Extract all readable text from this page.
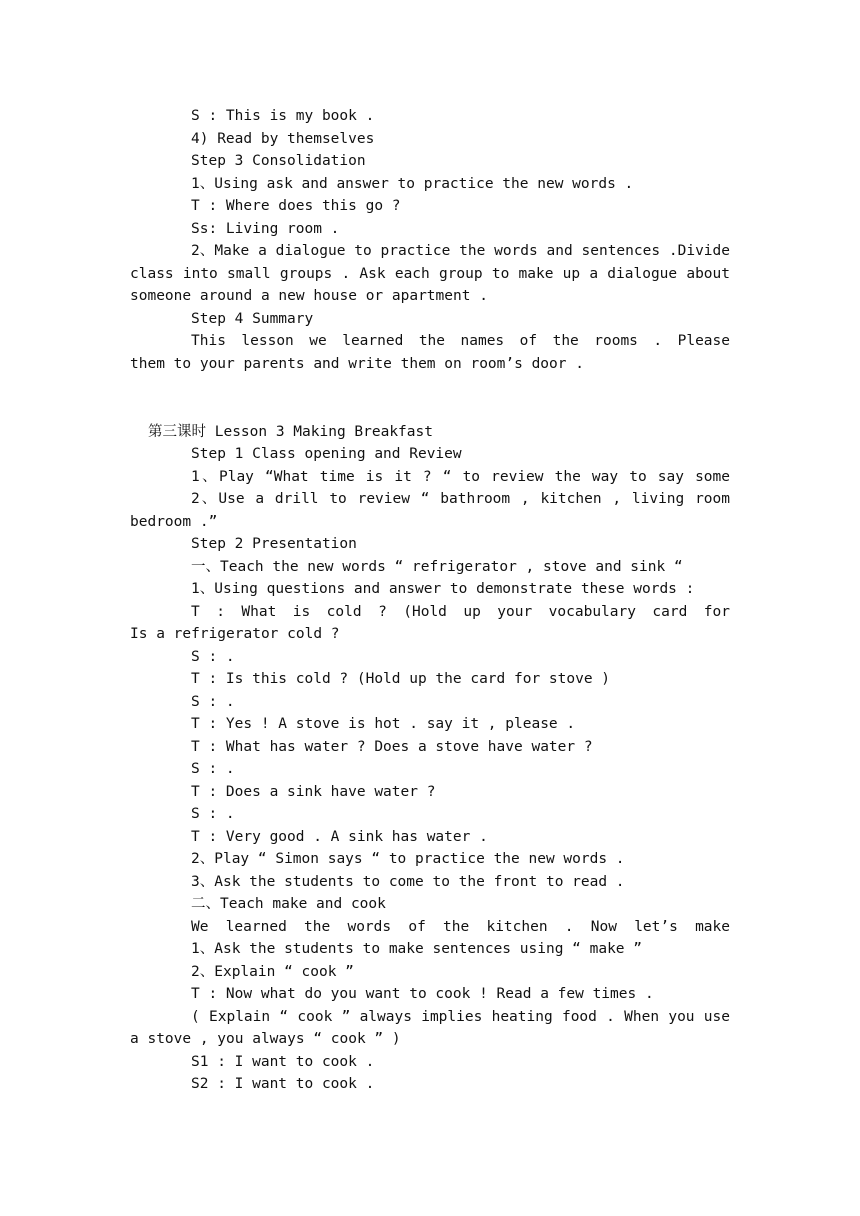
S : This is my book .
4) Read by themselves
Step 3 Consolidation
1、Using ask and answer to practice the new words .
T : Where does this go ?
Ss: Living room .
2、Make a dialogue to practice the words and sentences .Divide
class into small groups . Ask each group to make up a dialogue about
someone around a new house or apartment .
Step 4 Summary
This lesson we learned the names of the rooms . Please
them to your parents and write them on room’s door .
第三课时 Lesson 3 Making Breakfast
Step 1 Class opening and Review
1、Play “What time is it ? “ to review the way to say some
2、Use a drill to review “ bathroom , kitchen , living room
bedroom .”
Step 2 Presentation
一、Teach the new words “ refrigerator , stove and sink “
1、Using questions and answer to demonstrate these words :
T : What is cold ? (Hold up your vocabulary card for
Is a refrigerator cold ?
S : .
T : Is this cold ? (Hold up the card for stove )
S : .
T : Yes ! A stove is hot . say it , please .
T : What has water ? Does a stove have water ?
S : .
T : Does a sink have water ?
S : .
T : Very good . A sink has water .
2、Play “ Simon says “ to practice the new words .
3、Ask the students to come to the front to read .
二、Teach make and cook
We learned the words of the kitchen . Now let’s make
1、Ask the students to make sentences using “ make ”
2、Explain “ cook ”
T : Now what do you want to cook ! Read a few times .
( Explain “ cook ” always implies heating food . When you use
a stove , you always “ cook ” )
S1 : I want to cook .
S2 : I want to cook .
